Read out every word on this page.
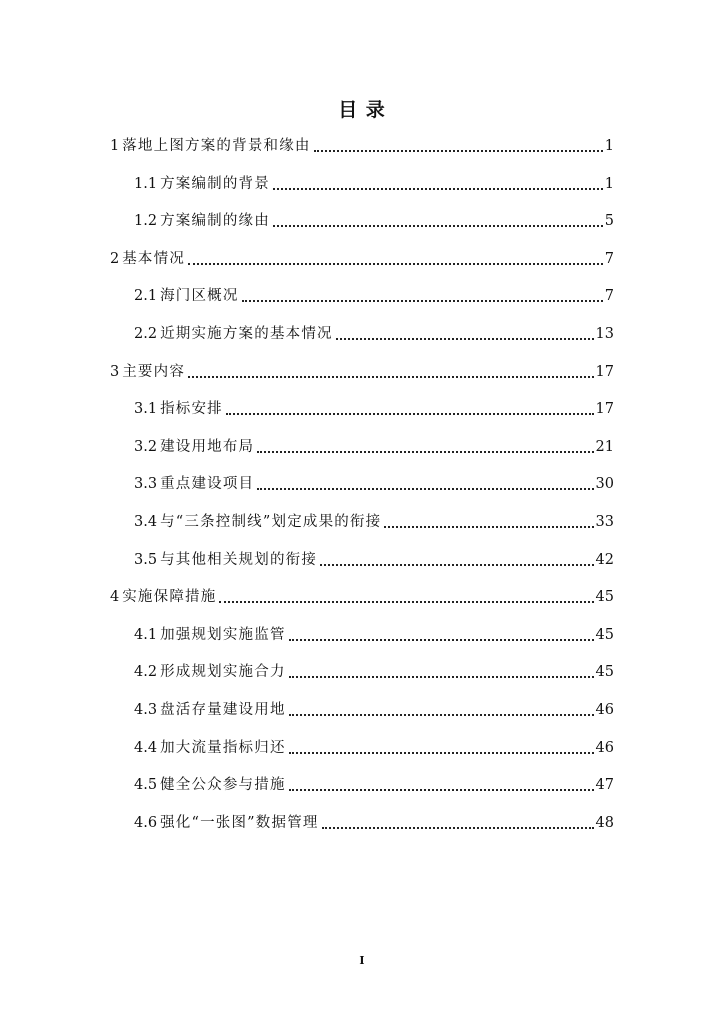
目 录
1 落地上图方案的背景和缘由	1
1.1 方案编制的背景	1
1.2 方案编制的缘由	5
2 基本情况	7
2.1 海门区概况	7
2.2 近期实施方案的基本情况	13
3 主要内容	17
3.1 指标安排	17
3.2 建设用地布局	21
3.3 重点建设项目	30
3.4 与“三条控制线”划定成果的衔接	33
3.5 与其他相关规划的衔接	42
4 实施保障措施	45
4.1 加强规划实施监管	45
4.2 形成规划实施合力	45
4.3 盘活存量建设用地	46
4.4 加大流量指标归还	46
4.5 健全公众参与措施	47
4.6 强化“一张图”数据管理	48
I
